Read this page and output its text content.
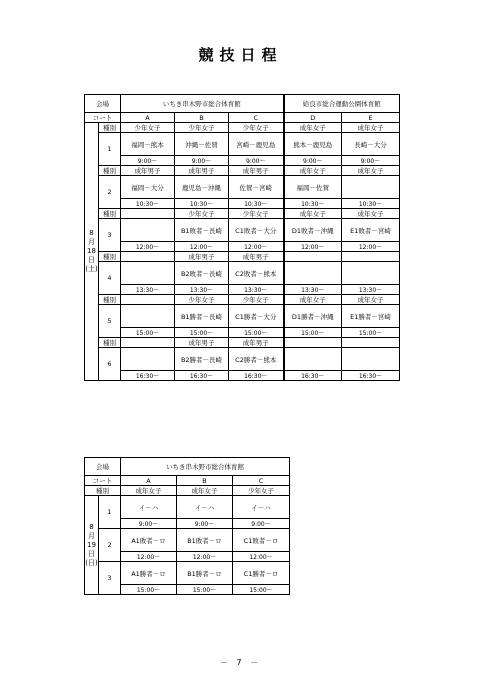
競技日程
会場		いちき串木野市総合体育館			姶良市総合運動公園体育館	
コート		A	B	C	D	E

8
月
18
日
(土)	種別	少年女子	少年女子	少年女子	成年女子	成年女子
	1	福岡－熊本	沖縄－佐賀	宮崎－鹿児島	熊本－鹿児島	長崎－大分
		9:00～	9:00～	9:00～	9:00～	9:00～
	種別	成年男子	成年男子	成年男子	成年女子	成年女子
	2	福岡－大分	鹿児島－沖縄	佐賀－宮崎	福岡－佐賀	
		10:30～	10:30～	10:30～	10:30～	10:30～
	種別		少年女子	少年女子	成年女子	成年女子
	3		B1敗者－長崎	C1敗者－大分	D1敗者－沖縄	E1敗者－宮崎
		12:00～	12:00～	12:00～	12:00～	12:00～
	種別		成年男子	成年男子		
	4		B2敗者－長崎	C2敗者－熊本		
		13:30～	13:30～	13:30～	13:30～	13:30～
	種別		少年女子	少年女子	成年女子	成年女子
	5		B1勝者－長崎	C1勝者－大分	D1勝者－沖縄	E1勝者－宮崎
		15:00～	15:00～	15:00～	15:00～	15:00～
	種別		成年男子	成年男子		
	6		B2勝者－長崎	C2勝者－熊本		
		16:30～	16:30～	16:30～	16:30～	16:30～
会場		いちき串木野市総合体育館		
コート		A	B	C
種別		成年女子	成年女子	少年女子

8
月
19
日
(日)	1	イ－ハ	イ－ハ	イ－ハ
		9:00～	9:00～	9:00～
	2	A1敗者－ロ	B1敗者－ロ	C1敗者－ロ
		12:00～	12:00～	12:00～
	3	A1勝者－ロ	B1勝者－ロ	C1勝者－ロ
		15:00～	15:00～	15:00～
－ 7 －
